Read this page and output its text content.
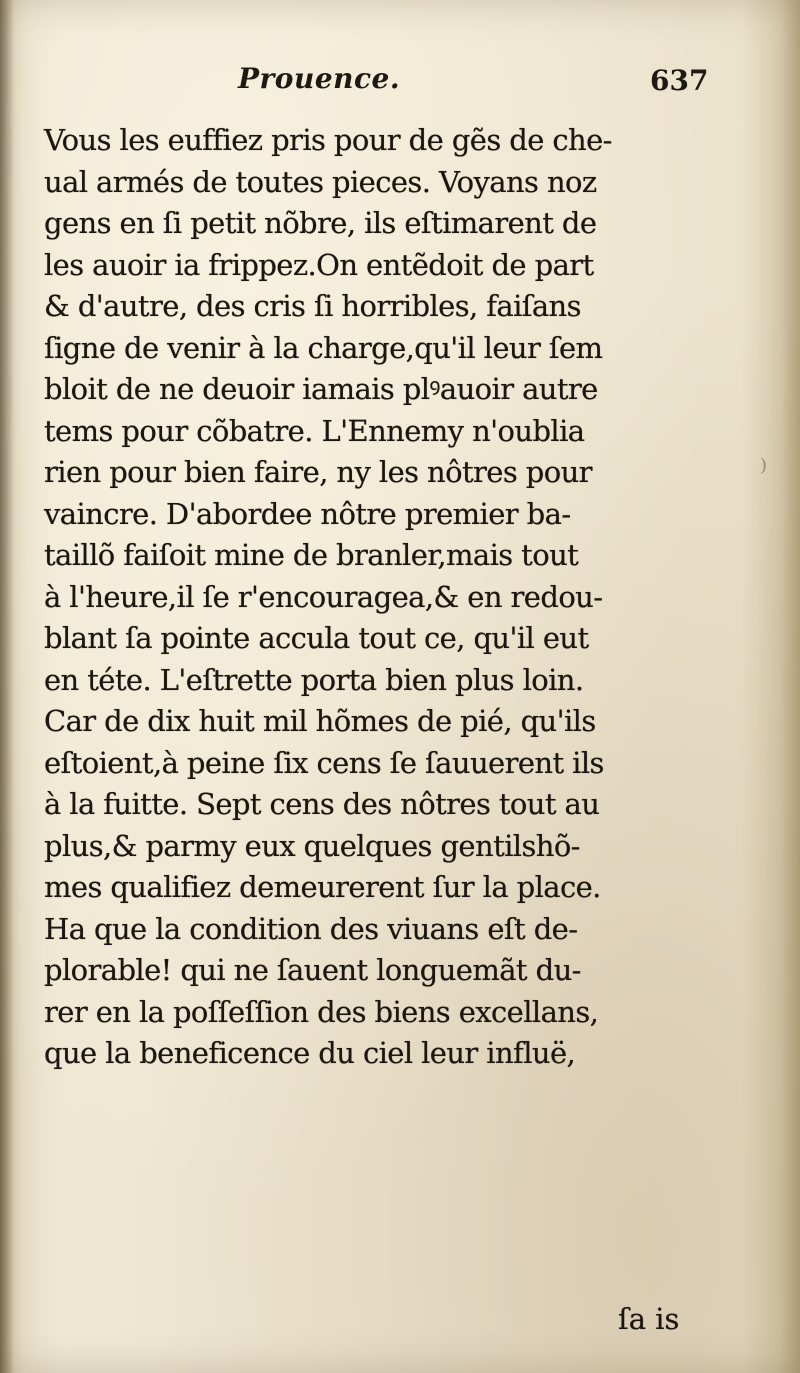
Prouence.	637
Vous les euffiez pris pour de gẽs de che-
ual armés de toutes pieces. Voyans noz
gens en ſi petit nõbre, ils eſtimarent de
les auoir ia frippez.On entẽdoit de part
& d'autre, des cris ſi horribles, faiſans
ſigne de venir à la charge,qu'il leur ſem
bloit de ne deuoir iamais plꝰauoir autre
tems pour cõbatre. L'Ennemy n'oublia
rien pour bien faire, ny les nôtres pour
vaincre. D'abordee nôtre premier ba-
taillõ faiſoit mine de branler,mais tout
à l'heure,il ſe r'encouragea,& en redou-
blant ſa pointe accula tout ce, qu'il eut
en téte. L'eſtrette porta bien plus loin.
Car de dix huit mil hõmes de pié, qu'ils
eſtoient,à peine ſix cens ſe ſauuerent ils
à la fuitte. Sept cens des nôtres tout au
plus,& parmy eux quelques gentilshõ-
mes qualifiez demeurerent ſur la place.
Ha que la condition des viuans eſt de-
plorable! qui ne ſauent longuemãt du-
rer en la poſſeſſion des biens excellans,
que la beneficence du ciel leur influë,
)
ſa is
